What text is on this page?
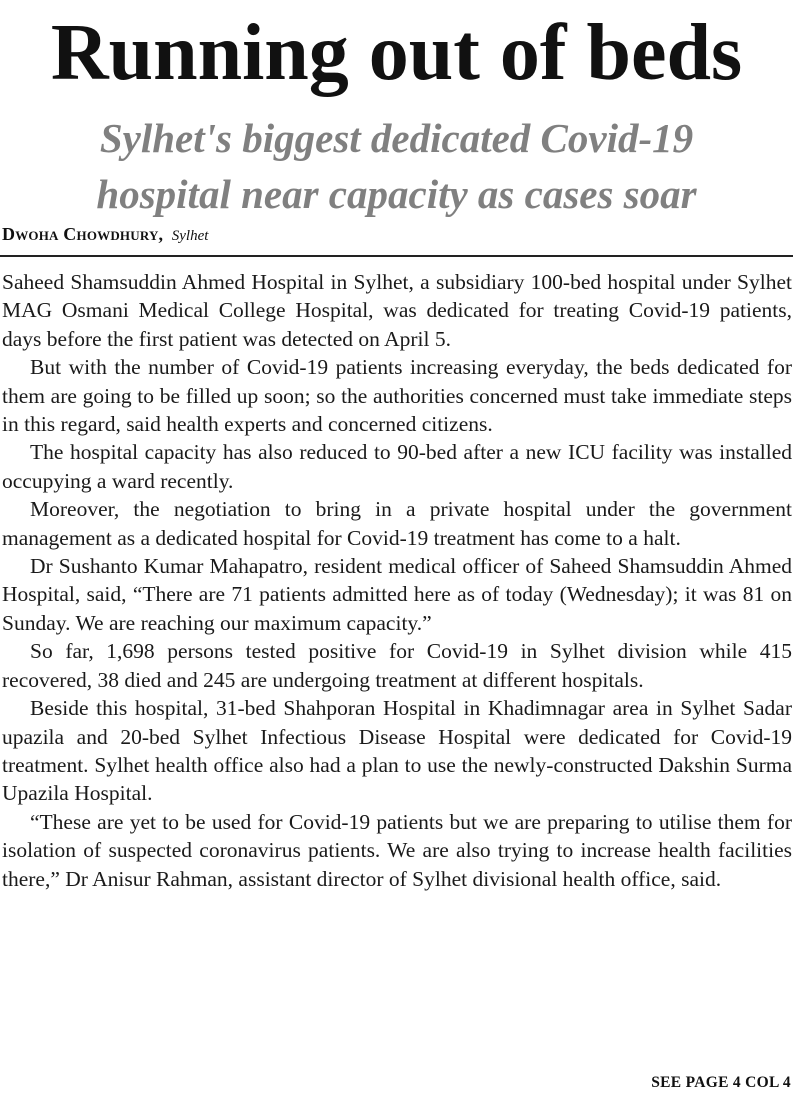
Running out of beds
Sylhet's biggest dedicated Covid-19
hospital near capacity as cases soar
Dwoha Chowdhury, Sylhet

Saheed Shamsuddin Ahmed Hospital in Sylhet, a subsidiary 100-bed hospital under Sylhet MAG Osmani Medical College Hospital, was dedicated for treating Covid-19 patients, days before the first patient was detected on April 5.

But with the number of Covid-19 patients increasing everyday, the beds dedicated for them are going to be filled up soon; so the authorities concerned must take immediate steps in this regard, said health experts and concerned citizens.

The hospital capacity has also reduced to 90-bed after a new ICU facility was installed occupying a ward recently.

Moreover, the negotiation to bring in a private hospital under the government management as a dedicated hospital for Covid-19 treatment has come to a halt.

Dr Sushanto Kumar Mahapatro, resident medical officer of Saheed Shamsuddin Ahmed Hospital, said, “There are 71 patients admitted here as of today (Wednesday); it was 81 on Sunday. We are reaching our maximum capacity.”

So far, 1,698 persons tested positive for Covid-19 in Sylhet division while 415 recovered, 38 died and 245 are undergoing treatment at different hospitals.

Beside this hospital, 31-bed Shahporan Hospital in Khadimnagar area in Sylhet Sadar upazila and 20-bed Sylhet Infectious Disease Hospital were dedicated for Covid-19 treatment. Sylhet health office also had a plan to use the newly-constructed Dakshin Surma Upazila Hospital.

“These are yet to be used for Covid-19 patients but we are preparing to utilise them for isolation of suspected coronavirus patients. We are also trying to increase health facilities there,” Dr Anisur Rahman, assistant director of Sylhet divisional health office, said.

SEE PAGE 4 COL 4
